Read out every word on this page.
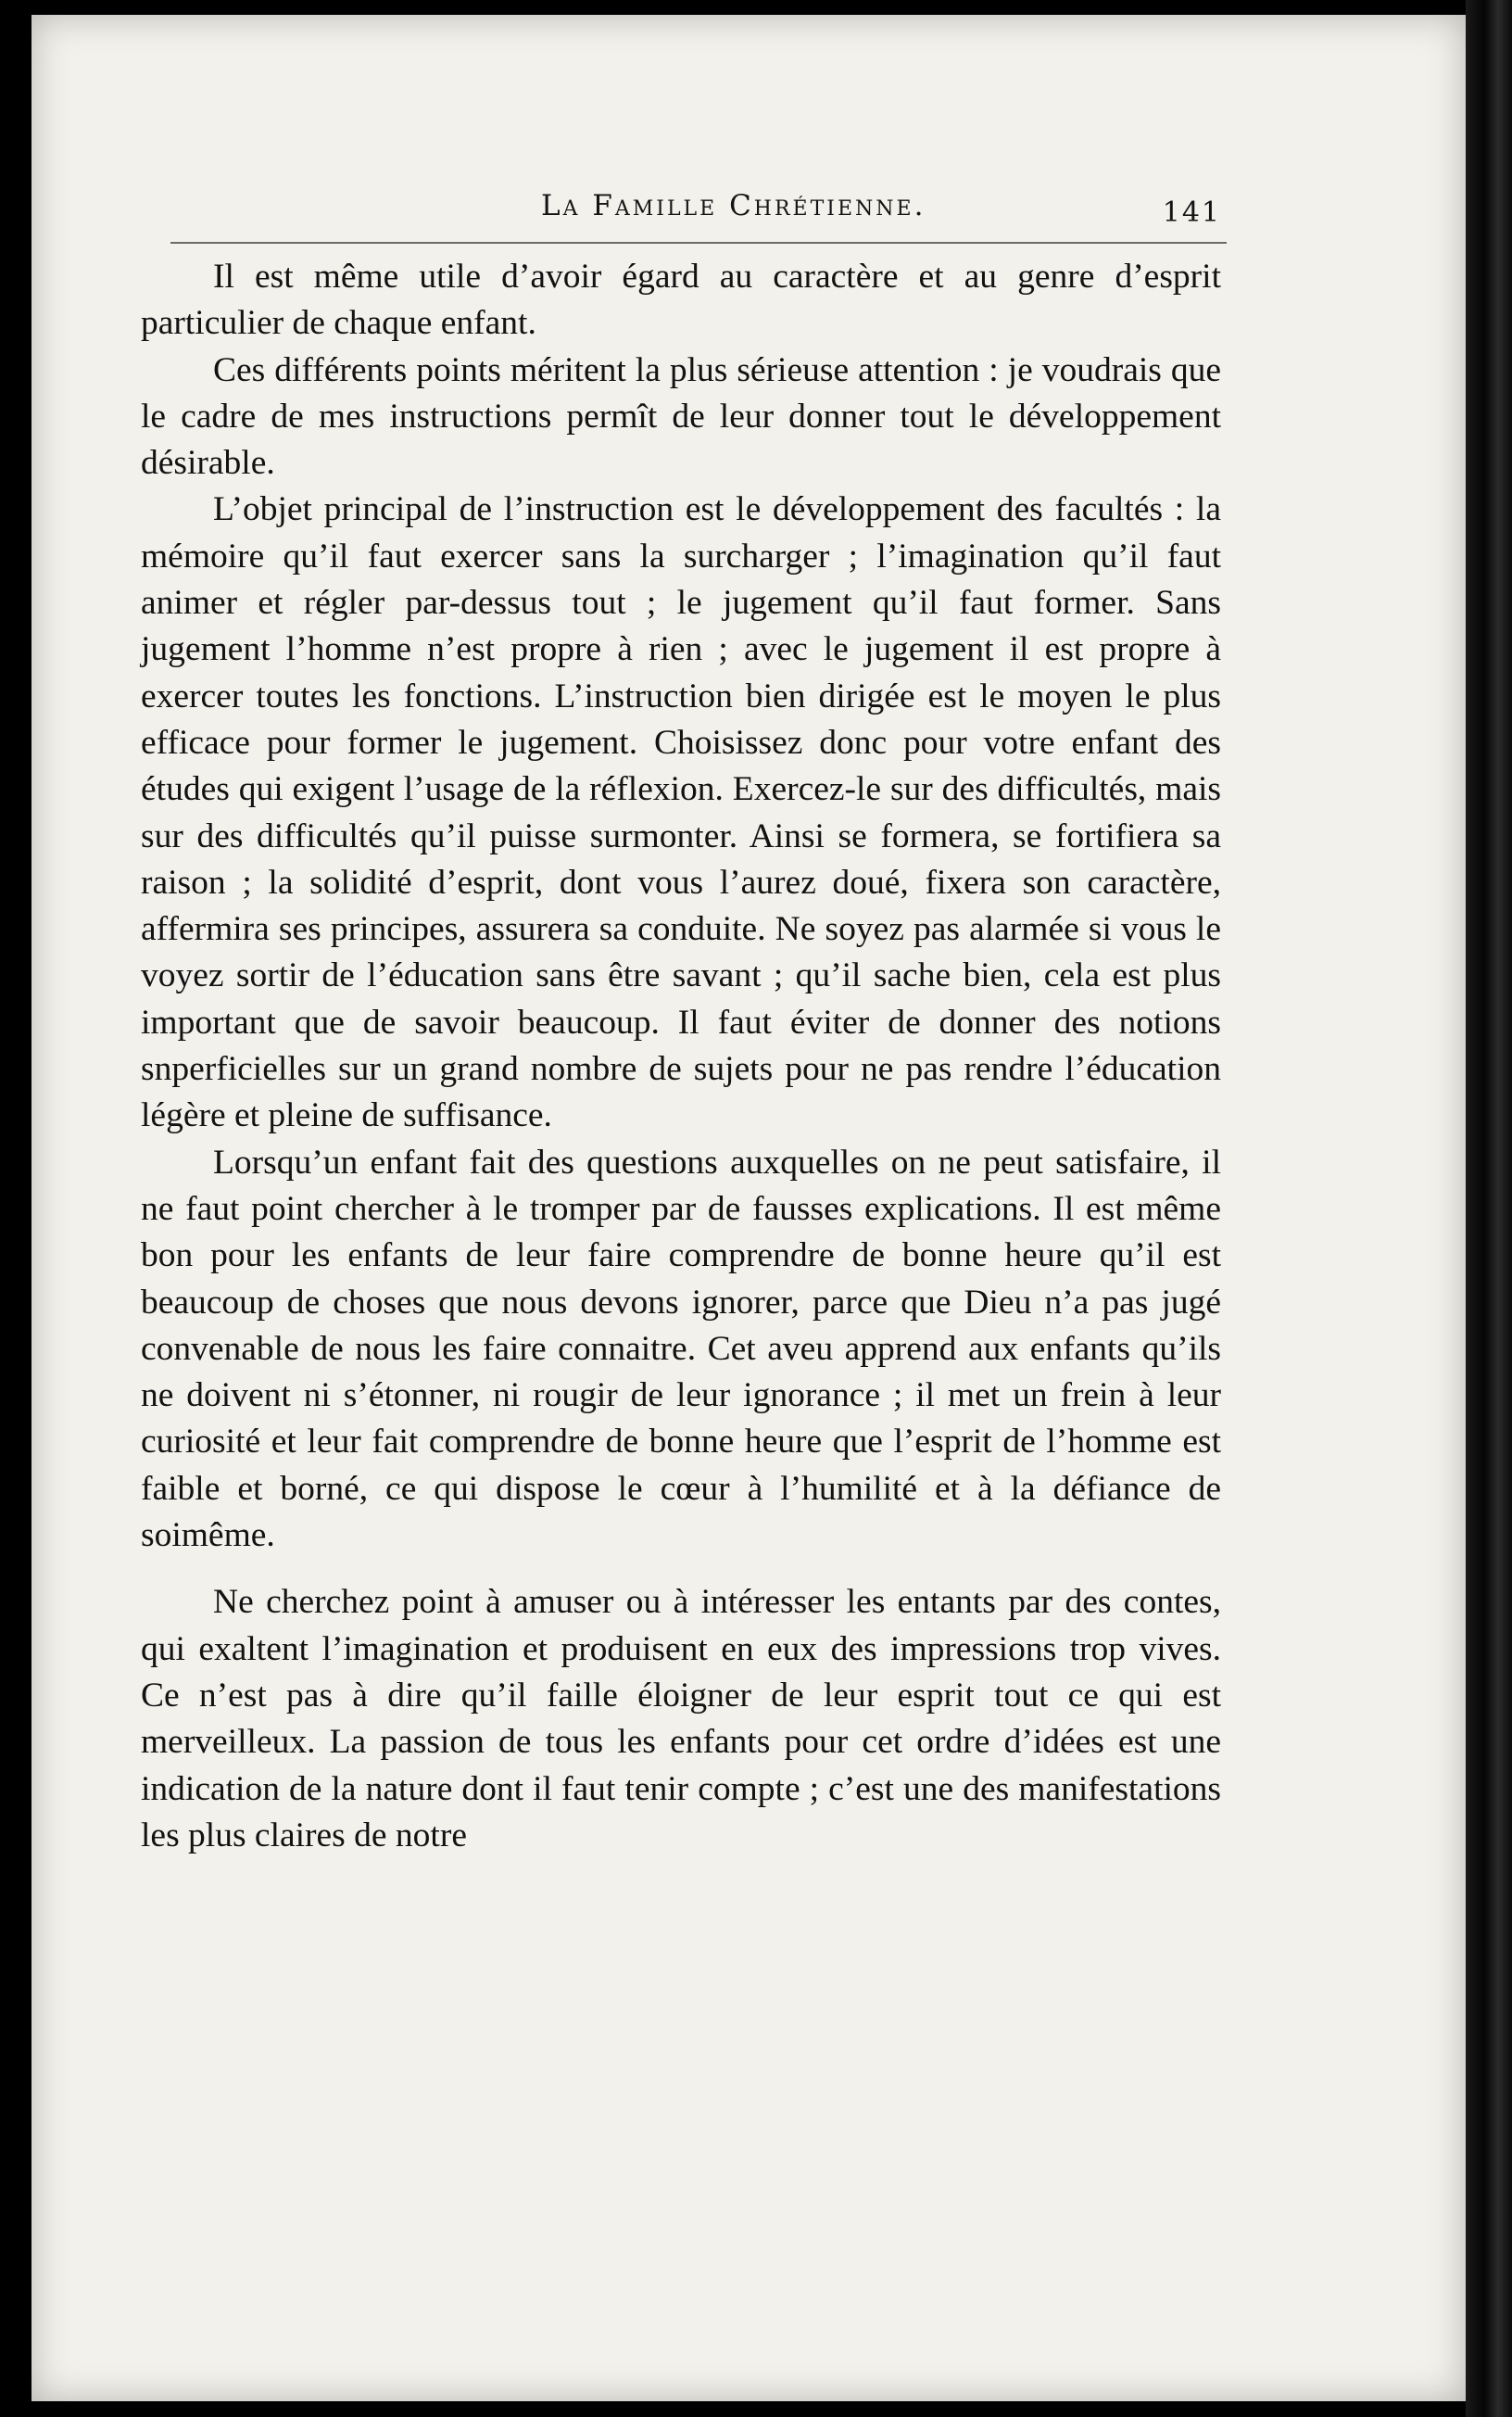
La Famille Chrétienne.	141

Il est même utile d’avoir égard au caractère et au genre d’esprit particulier de chaque enfant.

Ces différents points méritent la plus sérieuse attention : je voudrais que le cadre de mes instructions permît de leur donner tout le développement désirable.

L’objet principal de l’instruction est le développement des facultés : la mémoire qu’il faut exercer sans la surcharger ; l’imagination qu’il faut animer et régler par-dessus tout ; le jugement qu’il faut former. Sans jugement l’homme n’est propre à rien ; avec le jugement il est propre à exercer toutes les fonctions. L’instruction bien dirigée est le moyen le plus efficace pour former le jugement. Choisissez donc pour votre enfant des études qui exigent l’usage de la réflexion. Exercez-le sur des difficultés, mais sur des difficultés qu’il puisse surmonter. Ainsi se formera, se fortifiera sa raison ; la solidité d’esprit, dont vous l’aurez doué, fixera son caractère, affermira ses principes, assurera sa conduite. Ne soyez pas alarmée si vous le voyez sortir de l’éducation sans être savant ; qu’il sache bien, cela est plus important que de savoir beaucoup. Il faut éviter de donner des notions snperficielles sur un grand nombre de sujets pour ne pas rendre l’éducation légère et pleine de suffisance.

Lorsqu’un enfant fait des questions auxquelles on ne peut satisfaire, il ne faut point chercher à le tromper par de fausses explications. Il est même bon pour les enfants de leur faire comprendre de bonne heure qu’il est beaucoup de choses que nous devons ignorer, parce que Dieu n’a pas jugé convenable de nous les faire connaitre. Cet aveu apprend aux enfants qu’ils ne doivent ni s’étonner, ni rougir de leur ignorance ; il met un frein à leur curiosité et leur fait comprendre de bonne heure que l’esprit de l’homme est faible et borné, ce qui dispose le cœur à l’humilité et à la défiance de soimême.

Ne cherchez point à amuser ou à intéresser les entants par des contes, qui exaltent l’imagination et produisent en eux des impressions trop vives. Ce n’est pas à dire qu’il faille éloigner de leur esprit tout ce qui est merveilleux. La passion de tous les enfants pour cet ordre d’idées est une indication de la nature dont il faut tenir compte ; c’est une des manifestations les plus claires de notre
